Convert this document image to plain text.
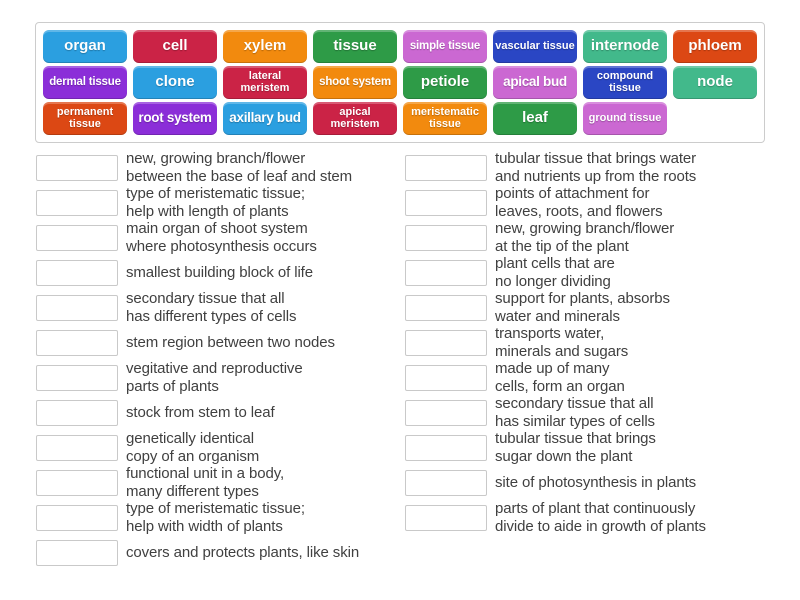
organ	cell	xylem	tissue	simple tissue	vascular tissue	internode	phloem
dermal tissue	clone	lateral meristem	shoot system	petiole	apical bud	compound tissue	node
permanent tissue	root system	axillary bud	apical meristem
meristematic tissue	leaf	ground tissue
new, growing branch/flower
between the base of leaf and stem
type of meristematic tissue;
help with length of plants
main organ of shoot system
where photosynthesis occurs
smallest building block of life
secondary tissue that all
has different types of cells
stem region between two nodes
vegitative and reproductive
parts of plants
stock from stem to leaf
genetically identical
copy of an organism
functional unit in a body,
many different types
type of meristematic tissue;
help with width of plants
covers and protects plants, like skin
tubular tissue that brings water
and nutrients up from the roots
points of attachment for
leaves, roots, and flowers
new, growing branch/flower
at the tip of the plant
plant cells that are
no longer dividing
support for plants, absorbs
water and minerals
transports water,
minerals and sugars
made up of many
cells, form an organ
secondary tissue that all
has similar types of cells
tubular tissue that brings
sugar down the plant
site of photosynthesis in plants
parts of plant that continuously
divide to aide in growth of plants
